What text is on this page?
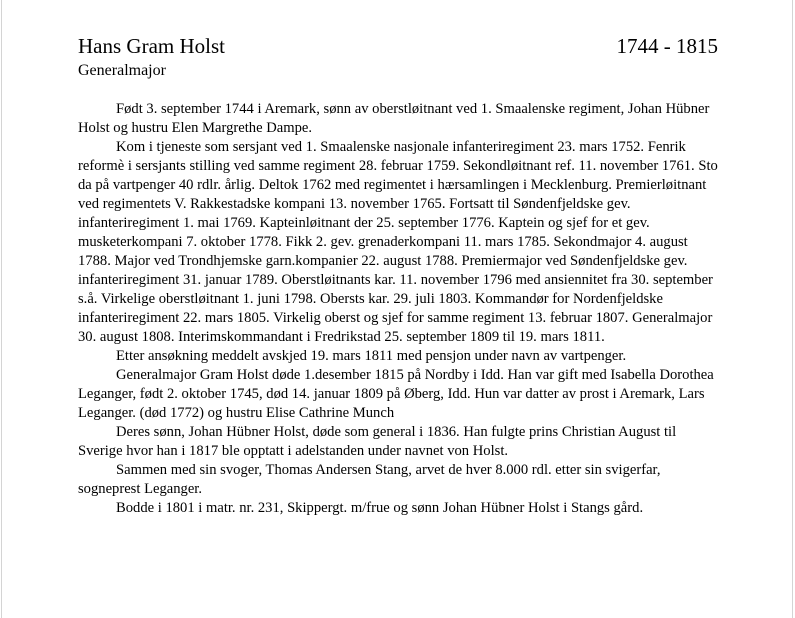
Hans Gram Holst	1744 - 1815
Generalmajor

Født 3. september 1744 i Aremark, sønn av oberstløitnant ved 1. Smaalenske regiment, Johan Hübner Holst og hustru Elen Margrethe Dampe.

Kom i tjeneste som sersjant ved 1. Smaalenske nasjonale infanteriregiment 23. mars 1752. Fenrik reformè i sersjants stilling ved samme regiment 28. februar 1759. Sekondløitnant ref. 11. november 1761. Sto da på vartpenger 40 rdlr. årlig. Deltok 1762 med regimentet i hærsamlingen i Mecklenburg. Premierløitnant ved regimentets V. Rakkestadske kompani 13. november 1765. Fortsatt til Søndenfjeldske gev. infanteriregiment 1. mai 1769. Kapteinløitnant der 25. september 1776. Kaptein og sjef for et gev. musketerkompani 7. oktober 1778. Fikk 2. gev. grenaderkompani 11. mars 1785. Sekondmajor 4. august 1788. Major ved Trondhjemske garn.kompanier 22. august 1788. Premiermajor ved Søndenfjeldske gev. infanteriregiment 31. januar 1789. Oberstløitnants kar. 11. november 1796 med ansiennitet fra 30. september s.å. Virkelige oberstløitnant 1. juni 1798. Obersts kar. 29. juli 1803. Kommandør for Nordenfjeldske infanteriregiment 22. mars 1805. Virkelig oberst og sjef for samme regiment 13. februar 1807. Generalmajor 30. august 1808. Interimskommandant i Fredrikstad 25. september 1809 til 19. mars 1811.

Etter ansøkning meddelt avskjed 19. mars 1811 med pensjon under navn av vartpenger.

Generalmajor Gram Holst døde 1.desember 1815 på Nordby i Idd. Han var gift med Isabella Dorothea Leganger, født 2. oktober 1745, død 14. januar 1809 på Øberg, Idd. Hun var datter av prost i Aremark, Lars Leganger. (død 1772) og hustru Elise Cathrine Munch

Deres sønn, Johan Hübner Holst, døde som general i 1836. Han fulgte prins Christian August til Sverige hvor han i 1817 ble opptatt i adelstanden under navnet von Holst.

Sammen med sin svoger, Thomas Andersen Stang, arvet de hver 8.000 rdl. etter sin svigerfar, sogneprest Leganger.

Bodde i 1801 i matr. nr. 231, Skippergt. m/frue og sønn Johan Hübner Holst i Stangs gård.
